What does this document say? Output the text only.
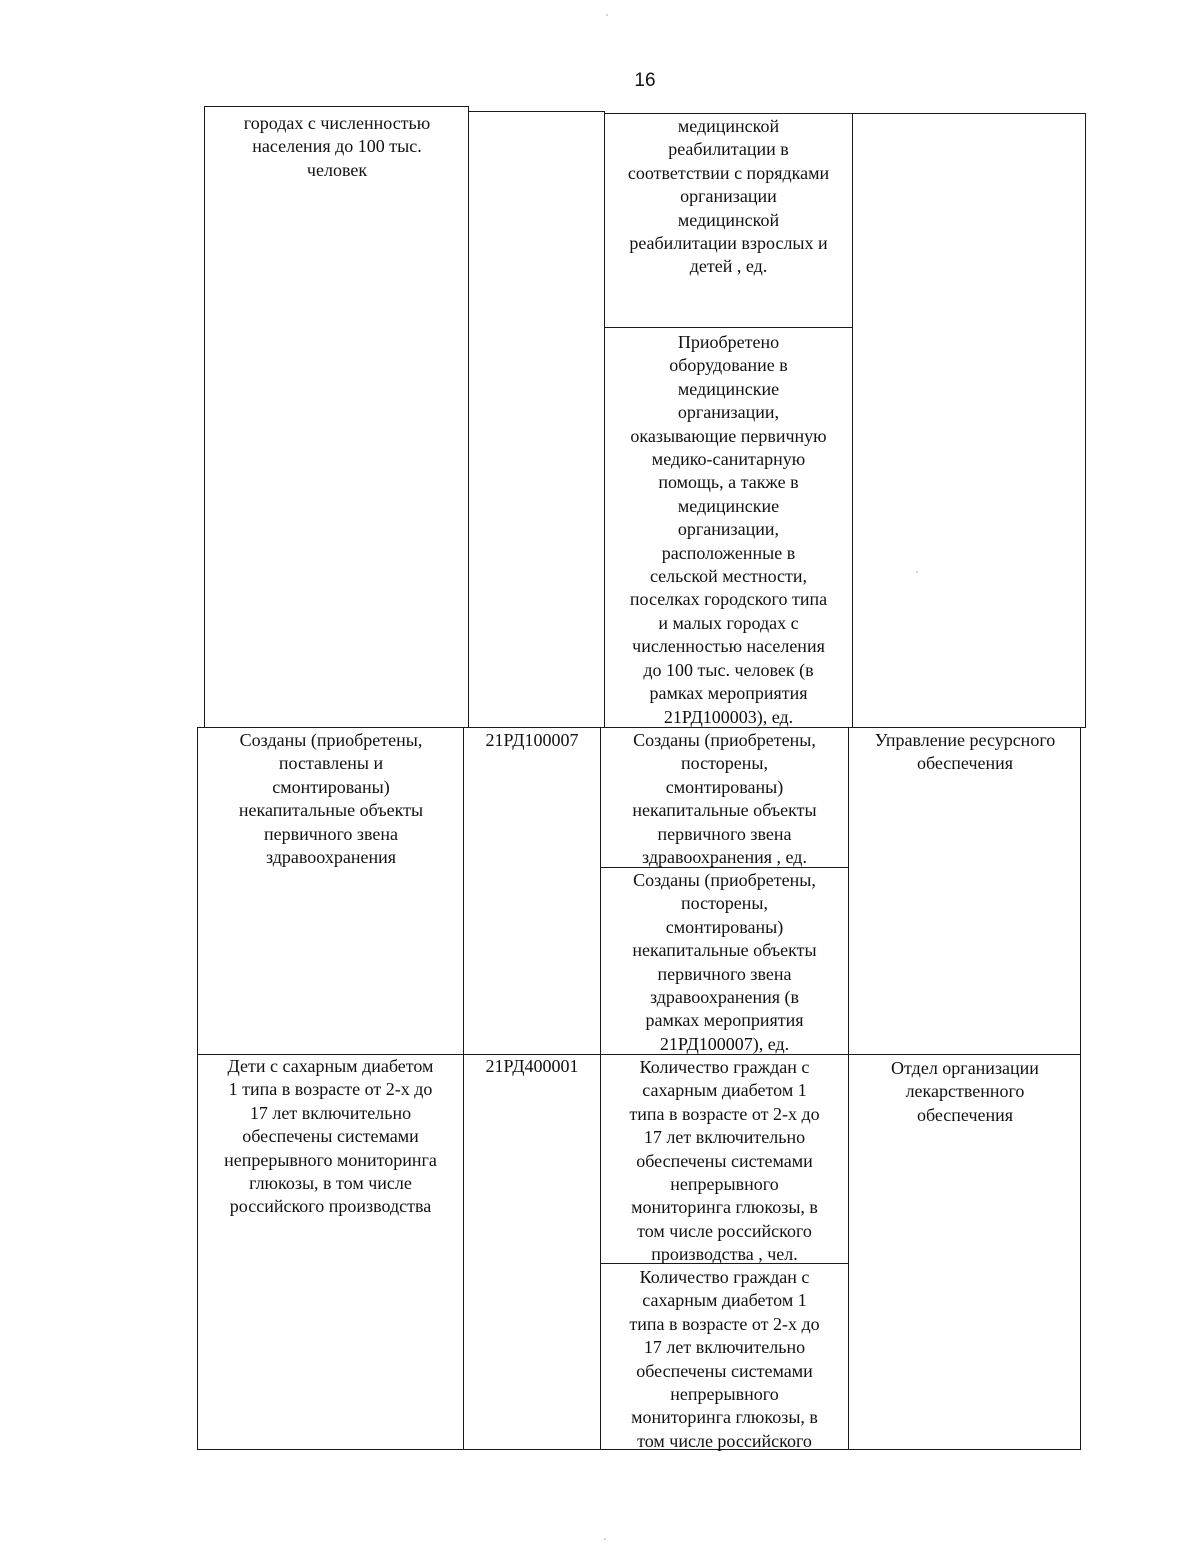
16
городах с численностью
населения до 100 тыс.
человек
медицинской
реабилитации в
соответствии с порядками
организации
медицинской
реабилитации взрослых и
детей , ед.
Приобретено
оборудование в
медицинские
организации,
оказывающие первичную
медико-санитарную
помощь, а также в
медицинские
организации,
расположенные в
сельской местности,
поселках городского типа
и малых городах с
численностью населения
до 100 тыс. человек (в
рамках мероприятия
21РД100003), ед.
Созданы (приобретены,
поставлены и
смонтированы)
некапитальные объекты
первичного звена
здравоохранения
21РД100007	Созданы (приобретены,
посторены,
смонтированы)
некапитальные объекты
первичного звена
здравоохранения , ед.
Созданы (приобретены,
посторены,
смонтированы)
некапитальные объекты
первичного звена
здравоохранения (в
рамках мероприятия
21РД100007), ед.
Управление ресурсного
обеспечения
Дети с сахарным диабетом
1 типа в возрасте от 2-х до
17 лет включительно
обеспечены системами
непрерывного мониторинга
глюкозы, в том числе
российского производства
21РД400001	Количество граждан с
сахарным диабетом 1
типа в возрасте от 2-х до
17 лет включительно
обеспечены системами
непрерывного
мониторинга глюкозы, в
том числе российского
производства , чел.
Количество граждан с
сахарным диабетом 1
типа в возрасте от 2-х до
17 лет включительно
обеспечены системами
непрерывного
мониторинга глюкозы, в
том числе российского
Отдел организации
лекарственного
обеспечения
